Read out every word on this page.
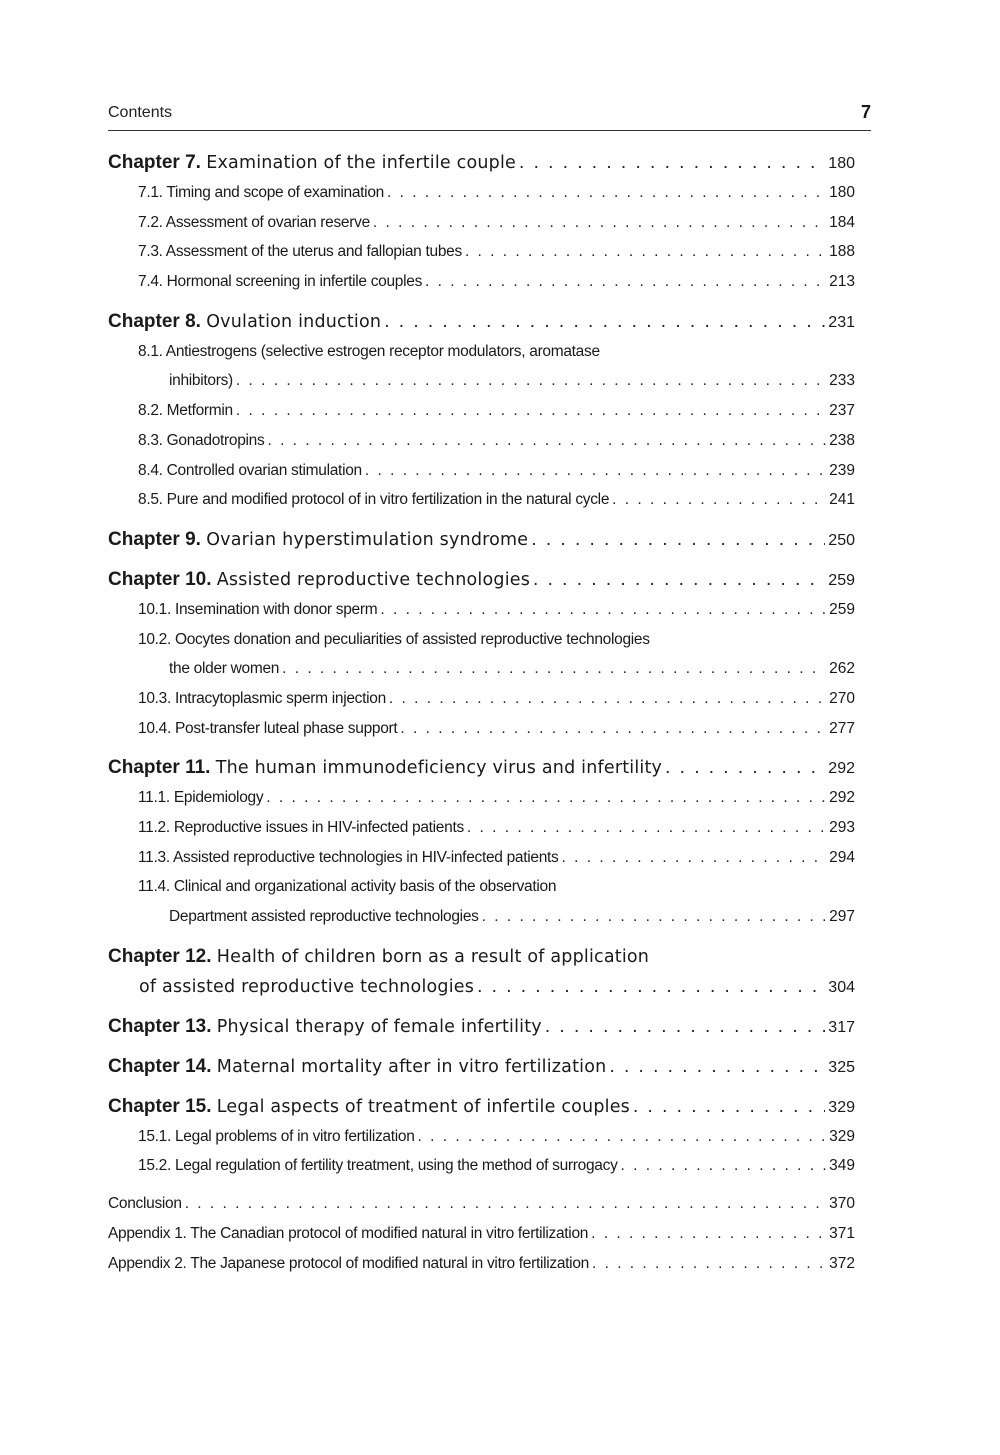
Contents	7
Chapter 7.
Examination of the infertile couple . . .	180
7.1. Timing and scope of examination . . .	180
7.2. Assessment of ovarian reserve . . .	184
7.3. Assessment of the uterus and fallopian tubes . . .	188
7.4. Hormonal screening in infertile couples . . .	213
Chapter 8.
Ovulation induction . . .	231
8.1. Antiestrogens (selective estrogen receptor modulators, aromatase
inhibitors) . . .	233
8.2. Metformin . . .	237
8.3. Gonadotropins . . .	238
8.4. Controlled ovarian stimulation . . .	239
8.5. Pure and modified protocol of in vitro fertilization in the natural cycle . . .	241
Chapter 9.
Ovarian hyperstimulation syndrome . . .	250
Chapter 10.
Assisted reproductive technologies . . .	259
10.1. Insemination with donor sperm . . .	259
10.2. Oocytes donation and peculiarities of assisted reproductive technologies
the older women . . .	262
10.3. Intracytoplasmic sperm injection . . .	270
10.4. Post-transfer luteal phase support . . .	277
Chapter 11.
The human immunodeficiency virus and infertility . . .	292
11.1. Epidemiology . . .	292
11.2. Reproductive issues in HIV-infected patients . . .	293
11.3. Assisted reproductive technologies in HIV-infected patients . . .	294
11.4. Clinical and organizational activity basis of the observation
Department assisted reproductive technologies . . .	297
Chapter 12.
Health of children born as a result of application
of assisted reproductive technologies . . .	304
Chapter 13.
Physical therapy of female infertility . . .	317
Chapter 14.
Maternal mortality after in vitro fertilization . . .	325
Chapter 15.
Legal aspects of treatment of infertile couples . . .	329
15.1. Legal problems of in vitro fertilization . . .	329
15.2. Legal regulation of fertility treatment, using the method of surrogacy . . .	349
Conclusion . . .	370
Appendix 1. The Canadian protocol of modified natural in vitro fertilization . . .	371
Appendix 2. The Japanese protocol of modified natural in vitro fertilization . . .	372
